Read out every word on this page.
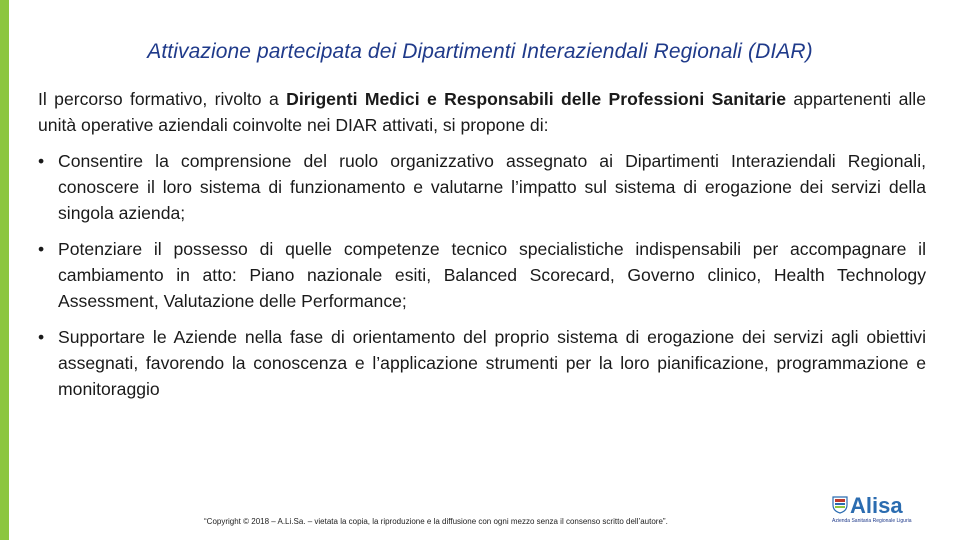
Attivazione partecipata dei Dipartimenti Interaziendali Regionali (DIAR)

Il percorso formativo, rivolto a Dirigenti Medici e Responsabili delle Professioni Sanitarie appartenenti alle unità operative aziendali coinvolte nei DIAR attivati, si propone di:

• Consentire la comprensione del ruolo organizzativo assegnato ai Dipartimenti Interaziendali Regionali, conoscere il loro sistema di funzionamento e valutarne l’impatto sul sistema di erogazione dei servizi della singola azienda;
• Potenziare il possesso di quelle competenze tecnico specialistiche indispensabili per accompagnare il cambiamento in atto: Piano nazionale esiti, Balanced Scorecard, Governo clinico, Health Technology Assessment, Valutazione delle Performance;
• Supportare le Aziende nella fase di orientamento del proprio sistema di erogazione dei servizi agli obiettivi assegnati, favorendo la conoscenza e l’applicazione strumenti per la loro pianificazione, programmazione e monitoraggio
“Copyright © 2018 – A.Li.Sa. – vietata la copia, la riproduzione e la diffusione con ogni mezzo senza il consenso scritto dell’autore”.
Alisa
Azienda Sanitaria Regionale Liguria
